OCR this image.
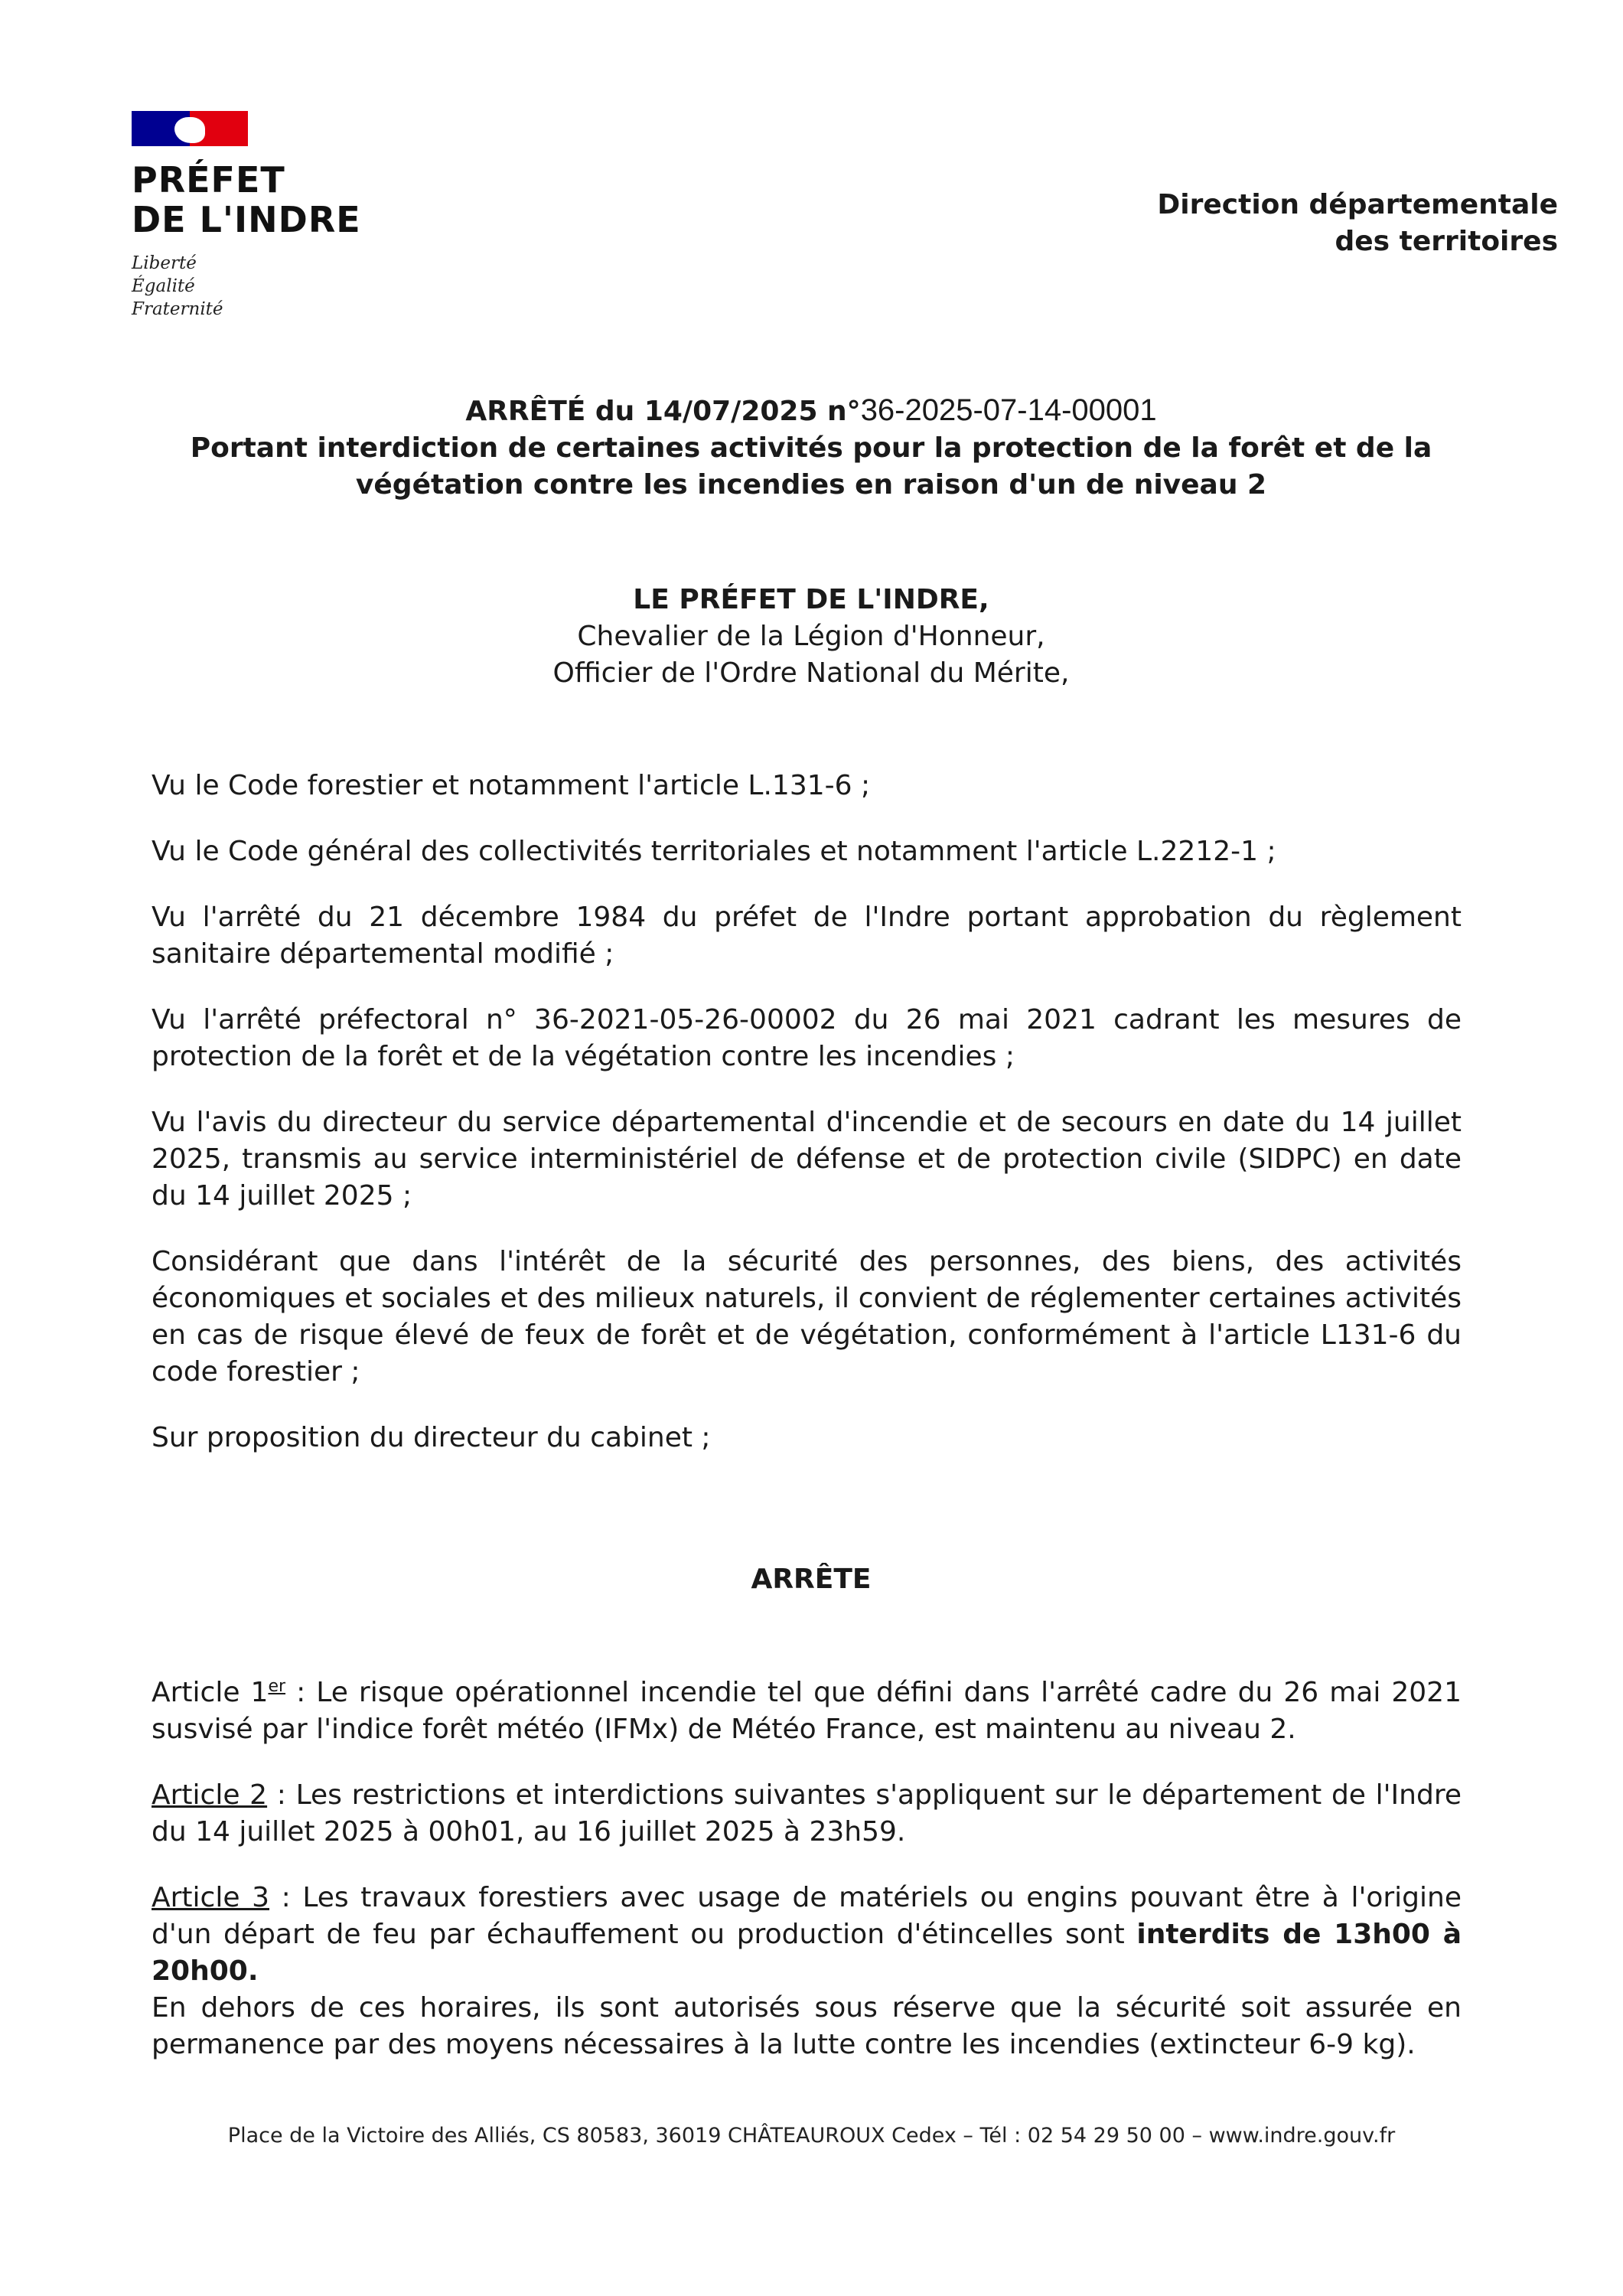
PRÉFET
DE L'INDRE
Liberté
Égalité
Fraternité
Direction départementale
des territoires
ARRÊTÉ du 14/07/2025 n°36-2025-07-14-00001
Portant interdiction de certaines activités pour la protection de la forêt et de la
végétation contre les incendies en raison d'un de niveau 2
LE PRÉFET DE L'INDRE,
Chevalier de la Légion d'Honneur,
Officier de l'Ordre National du Mérite,

Vu le Code forestier et notamment l'article L.131-6 ;

Vu le Code général des collectivités territoriales et notamment l'article L.2212-1 ;

Vu l'arrêté du 21 décembre 1984 du préfet de l'Indre portant approbation du règlement sanitaire départemental modifié ;

Vu l'arrêté préfectoral n° 36-2021-05-26-00002 du 26 mai 2021 cadrant les mesures de protection de la forêt et de la végétation contre les incendies ;

Vu l'avis du directeur du service départemental d'incendie et de secours en date du 14 juillet 2025, transmis au service interministériel de défense et de protection civile (SIDPC) en date du 14 juillet 2025 ;

Considérant que dans l'intérêt de la sécurité des personnes, des biens, des activités économiques et sociales et des milieux naturels, il convient de réglementer certaines activités en cas de risque élevé de feux de forêt et de végétation, conformément à l'article L131-6 du code forestier ;

Sur proposition du directeur du cabinet ;

ARRÊTE

Article 1er : Le risque opérationnel incendie tel que défini dans l'arrêté cadre du 26 mai 2021 susvisé par l'indice forêt météo (IFMx) de Météo France, est maintenu au niveau 2.

Article 2 : Les restrictions et interdictions suivantes s'appliquent sur le département de l'Indre du 14 juillet 2025 à 00h01, au 16 juillet 2025 à 23h59.

Article 3 : Les travaux forestiers avec usage de matériels ou engins pouvant être à l'origine d'un départ de feu par échauffement ou production d'étincelles sont interdits de 13h00 à 20h00.

En dehors de ces horaires, ils sont autorisés sous réserve que la sécurité soit assurée en permanence par des moyens nécessaires à la lutte contre les incendies (extincteur 6-9 kg).

Place de la Victoire des Alliés, CS 80583, 36019 CHÂTEAUROUX Cedex – Tél : 02 54 29 50 00 – www.indre.gouv.fr
